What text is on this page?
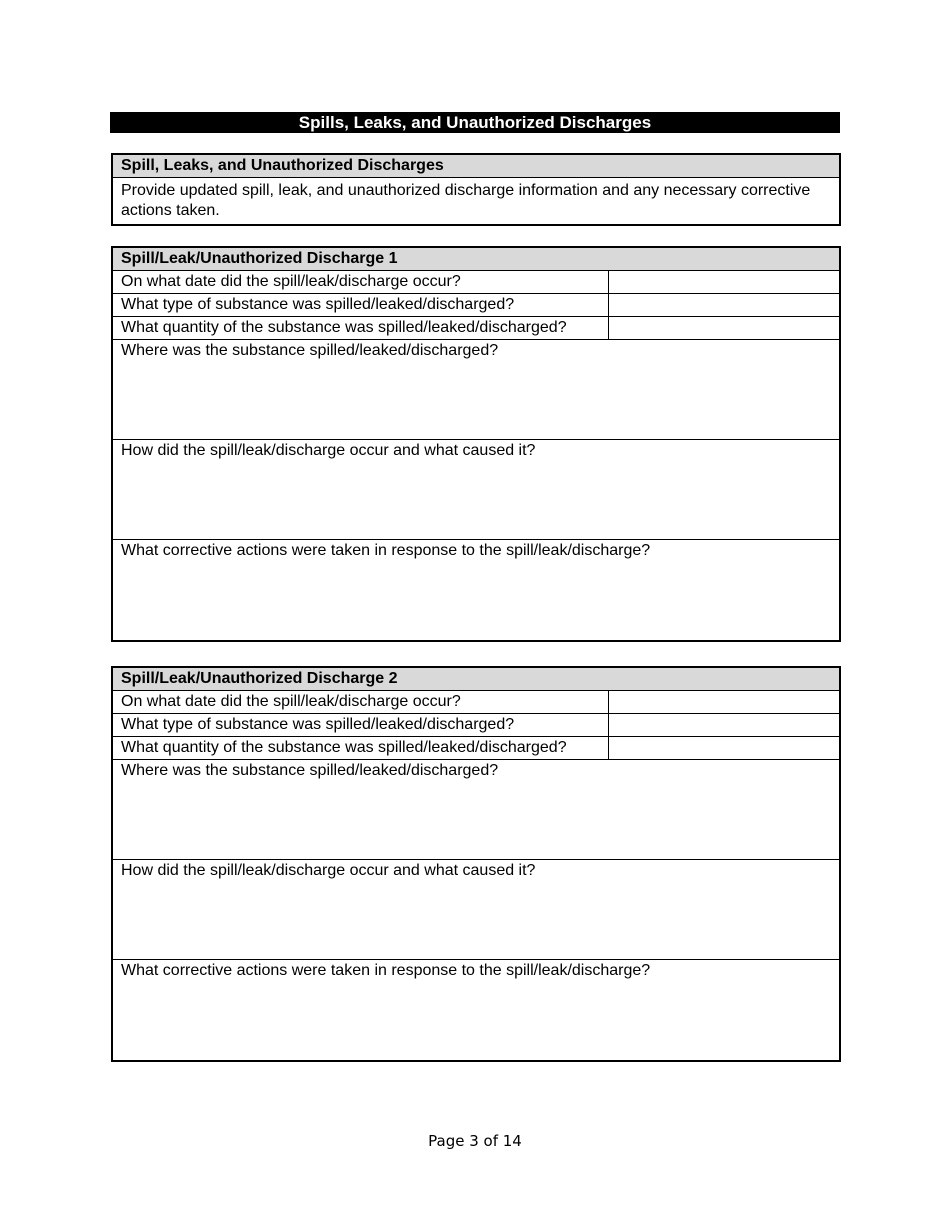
Spills, Leaks, and Unauthorized Discharges
Spill, Leaks, and Unauthorized Discharges
Provide updated spill, leak, and unauthorized discharge information and any necessary corrective actions taken.
Spill/Leak/Unauthorized Discharge 1
On what date did the spill/leak/discharge occur?
What type of substance was spilled/leaked/discharged?
What quantity of the substance was spilled/leaked/discharged?
Where was the substance spilled/leaked/discharged?
How did the spill/leak/discharge occur and what caused it?
What corrective actions were taken in response to the spill/leak/discharge?
Spill/Leak/Unauthorized Discharge 2
On what date did the spill/leak/discharge occur?
What type of substance was spilled/leaked/discharged?
What quantity of the substance was spilled/leaked/discharged?
Where was the substance spilled/leaked/discharged?
How did the spill/leak/discharge occur and what caused it?
What corrective actions were taken in response to the spill/leak/discharge?
Page 3 of 14
